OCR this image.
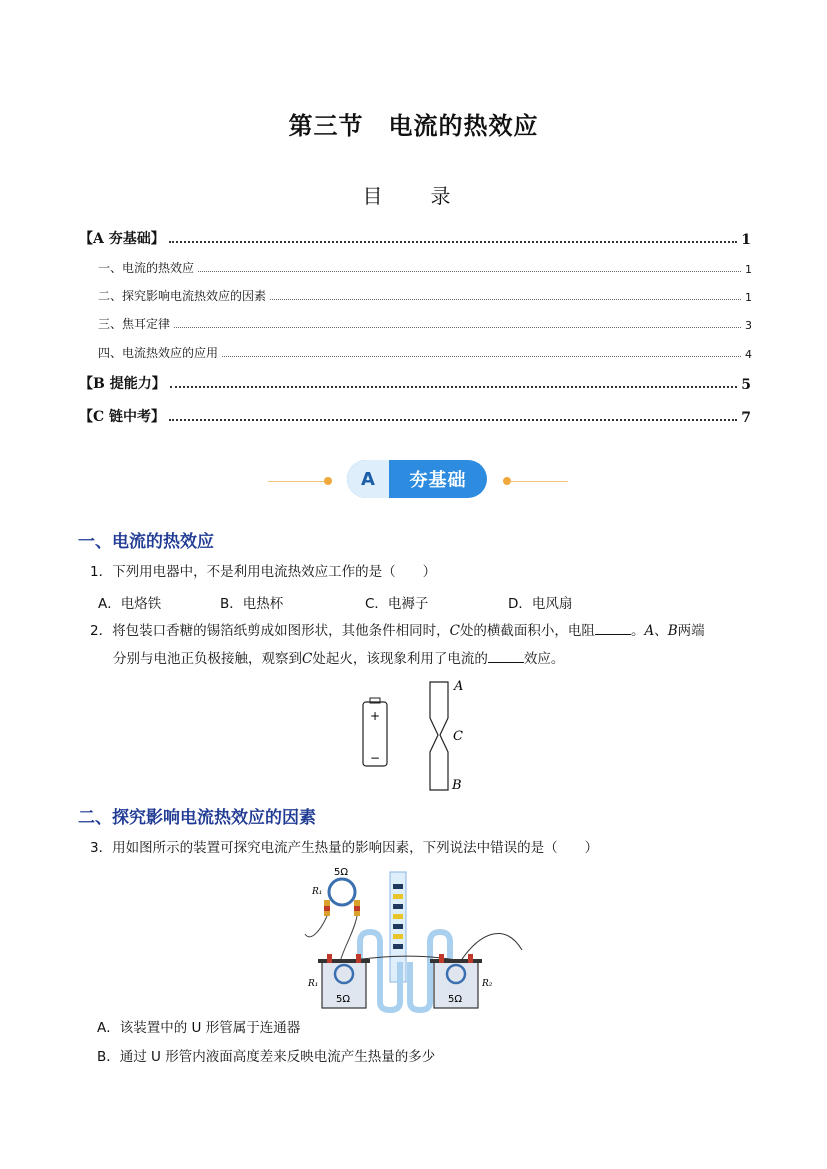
第三节　电流的热效应
目　录
【A 夯基础】	1
一、电流的热效应	1
二、探究影响电流热效应的因素	1
三、焦耳定律	3
四、电流热效应的应用	4
【B 提能力】	5
【C 链中考】	7
A	夯基础
一、电流的热效应
1．下列用电器中，不是利用电流热效应工作的是（　　）
A．电烙铁	B．电热杯	C．电褥子	D．电风扇
2．将包装口香糖的锡箔纸剪成如图形状，其他条件相同时，C处的横截面积小，电阻	。A、B两端
分别与电池正负极接触，观察到C处起火，该现象利用了电流的	效应。
+
−
A
C
B
二、探究影响电流热效应的因素
3．用如图所示的装置可探究电流产生热量的影响因素，下列说法中错误的是（　　）
5Ω
R₁
5Ω
R₁
5Ω
R₂
A．该装置中的 U 形管属于连通器
B．通过 U 形管内液面高度差来反映电流产生热量的多少
